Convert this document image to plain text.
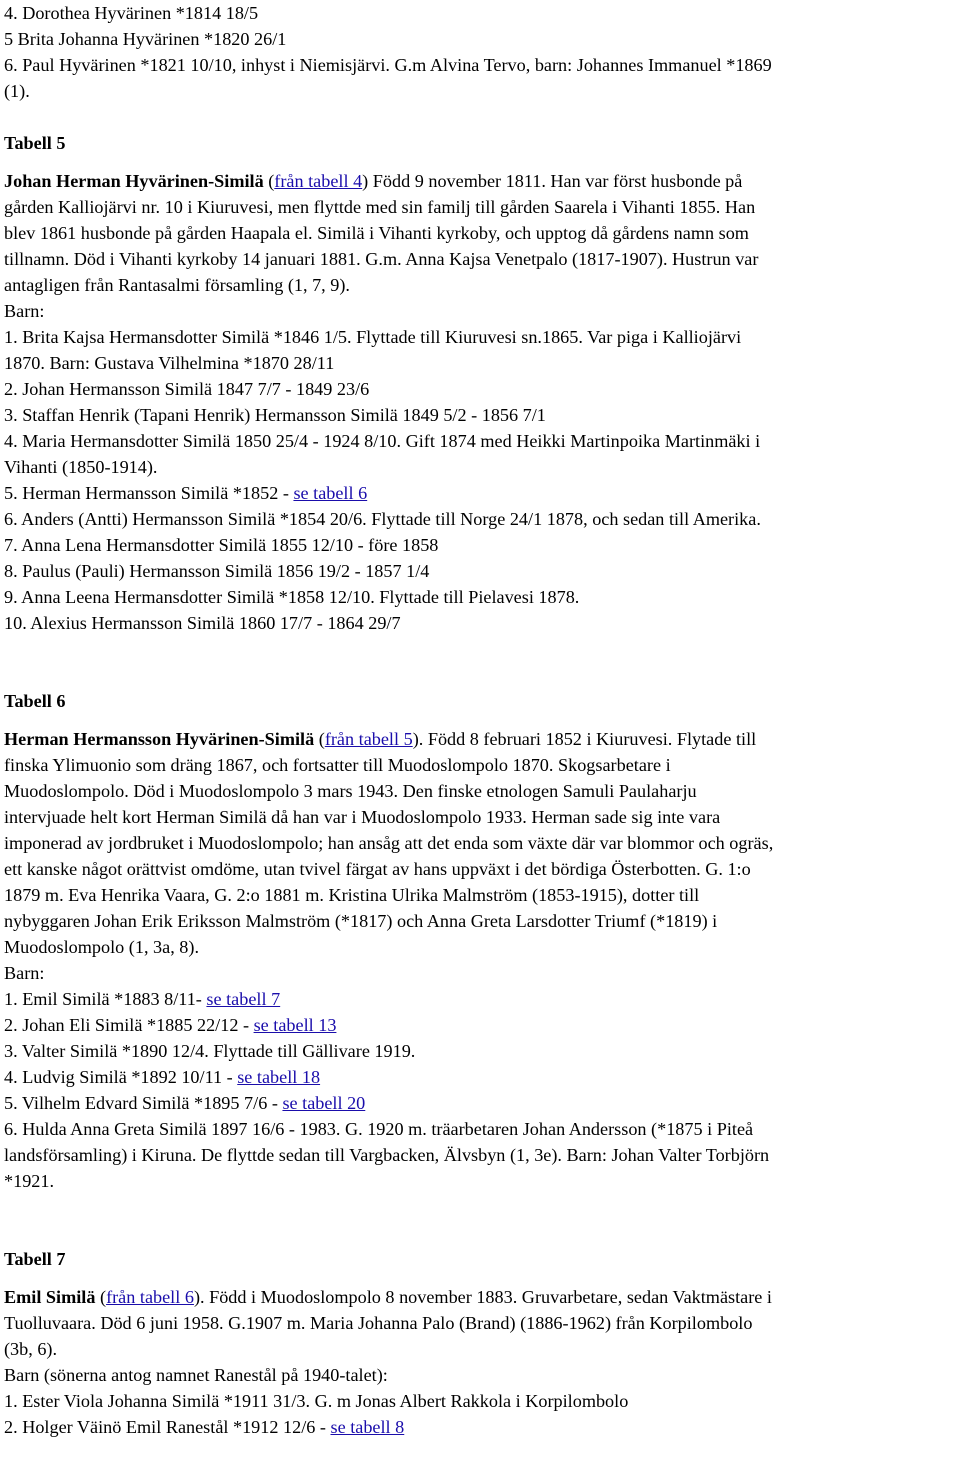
4. Dorothea Hyvärinen *1814 18/5
5 Brita Johanna Hyvärinen *1820 26/1
6. Paul Hyvärinen *1821 10/10, inhyst i Niemisjärvi. G.m Alvina Tervo, barn: Johannes Immanuel *1869
(1).
Tabell 5
Johan Herman Hyvärinen-Similä (från tabell 4) Född 9 november 1811. Han var först husbonde på
gården Kalliojärvi nr. 10 i Kiuruvesi, men flyttde med sin familj till gården Saarela i Vihanti 1855. Han
blev 1861 husbonde på gården Haapala el. Similä i Vihanti kyrkoby, och upptog då gårdens namn som
tillnamn. Död i Vihanti kyrkoby 14 januari 1881. G.m. Anna Kajsa Venetpalo (1817-1907). Hustrun var
antagligen från Rantasalmi församling (1, 7, 9).
Barn:
1. Brita Kajsa Hermansdotter Similä *1846 1/5. Flyttade till Kiuruvesi sn.1865. Var piga i Kalliojärvi
1870. Barn: Gustava Vilhelmina *1870 28/11
2. Johan Hermansson Similä 1847 7/7 - 1849 23/6
3. Staffan Henrik (Tapani Henrik) Hermansson Similä 1849 5/2 - 1856 7/1
4. Maria Hermansdotter Similä 1850 25/4 - 1924 8/10. Gift 1874 med Heikki Martinpoika Martinmäki i
Vihanti (1850-1914).
5. Herman Hermansson Similä *1852 - se tabell 6
6. Anders (Antti) Hermansson Similä *1854 20/6. Flyttade till Norge 24/1 1878, och sedan till Amerika.
7. Anna Lena Hermansdotter Similä 1855 12/10 - före 1858
8. Paulus (Pauli) Hermansson Similä 1856 19/2 - 1857 1/4
9. Anna Leena Hermansdotter Similä *1858 12/10. Flyttade till Pielavesi 1878.
10. Alexius Hermansson Similä 1860 17/7 - 1864 29/7
Tabell 6
Herman Hermansson Hyvärinen-Similä (från tabell 5). Född 8 februari 1852 i Kiuruvesi. Flytade till
finska Ylimuonio som dräng 1867, och fortsatter till Muodoslompolo 1870. Skogsarbetare i
Muodoslompolo. Död i Muodoslompolo 3 mars 1943. Den finske etnologen Samuli Paulaharju
intervjuade helt kort Herman Similä då han var i Muodoslompolo 1933. Herman sade sig inte vara
imponerad av jordbruket i Muodoslompolo; han ansåg att det enda som växte där var blommor och ogräs,
ett kanske något orättvist omdöme, utan tvivel färgat av hans uppväxt i det bördiga Österbotten. G. 1:o
1879 m. Eva Henrika Vaara, G. 2:o 1881 m. Kristina Ulrika Malmström (1853-1915), dotter till
nybyggaren Johan Erik Eriksson Malmström (*1817) och Anna Greta Larsdotter Triumf (*1819) i
Muodoslompolo (1, 3a, 8).
Barn:
1. Emil Similä *1883 8/11- se tabell 7
2. Johan Eli Similä *1885 22/12 - se tabell 13
3. Valter Similä *1890 12/4. Flyttade till Gällivare 1919.
4. Ludvig Similä *1892 10/11 - se tabell 18
5. Vilhelm Edvard Similä *1895 7/6 - se tabell 20
6. Hulda Anna Greta Similä 1897 16/6 - 1983. G. 1920 m. träarbetaren Johan Andersson (*1875 i Piteå
landsförsamling) i Kiruna. De flyttde sedan till Vargbacken, Älvsbyn (1, 3e). Barn: Johan Valter Torbjörn
*1921.
Tabell 7
Emil Similä (från tabell 6). Född i Muodoslompolo 8 november 1883. Gruvarbetare, sedan Vaktmästare i
Tuolluvaara. Död 6 juni 1958. G.1907 m. Maria Johanna Palo (Brand) (1886-1962) från Korpilombolo
(3b, 6).
Barn (sönerna antog namnet Ranestål på 1940-talet):
1. Ester Viola Johanna Similä *1911 31/3. G. m Jonas Albert Rakkola i Korpilombolo
2. Holger Väinö Emil Ranestål *1912 12/6 - se tabell 8
